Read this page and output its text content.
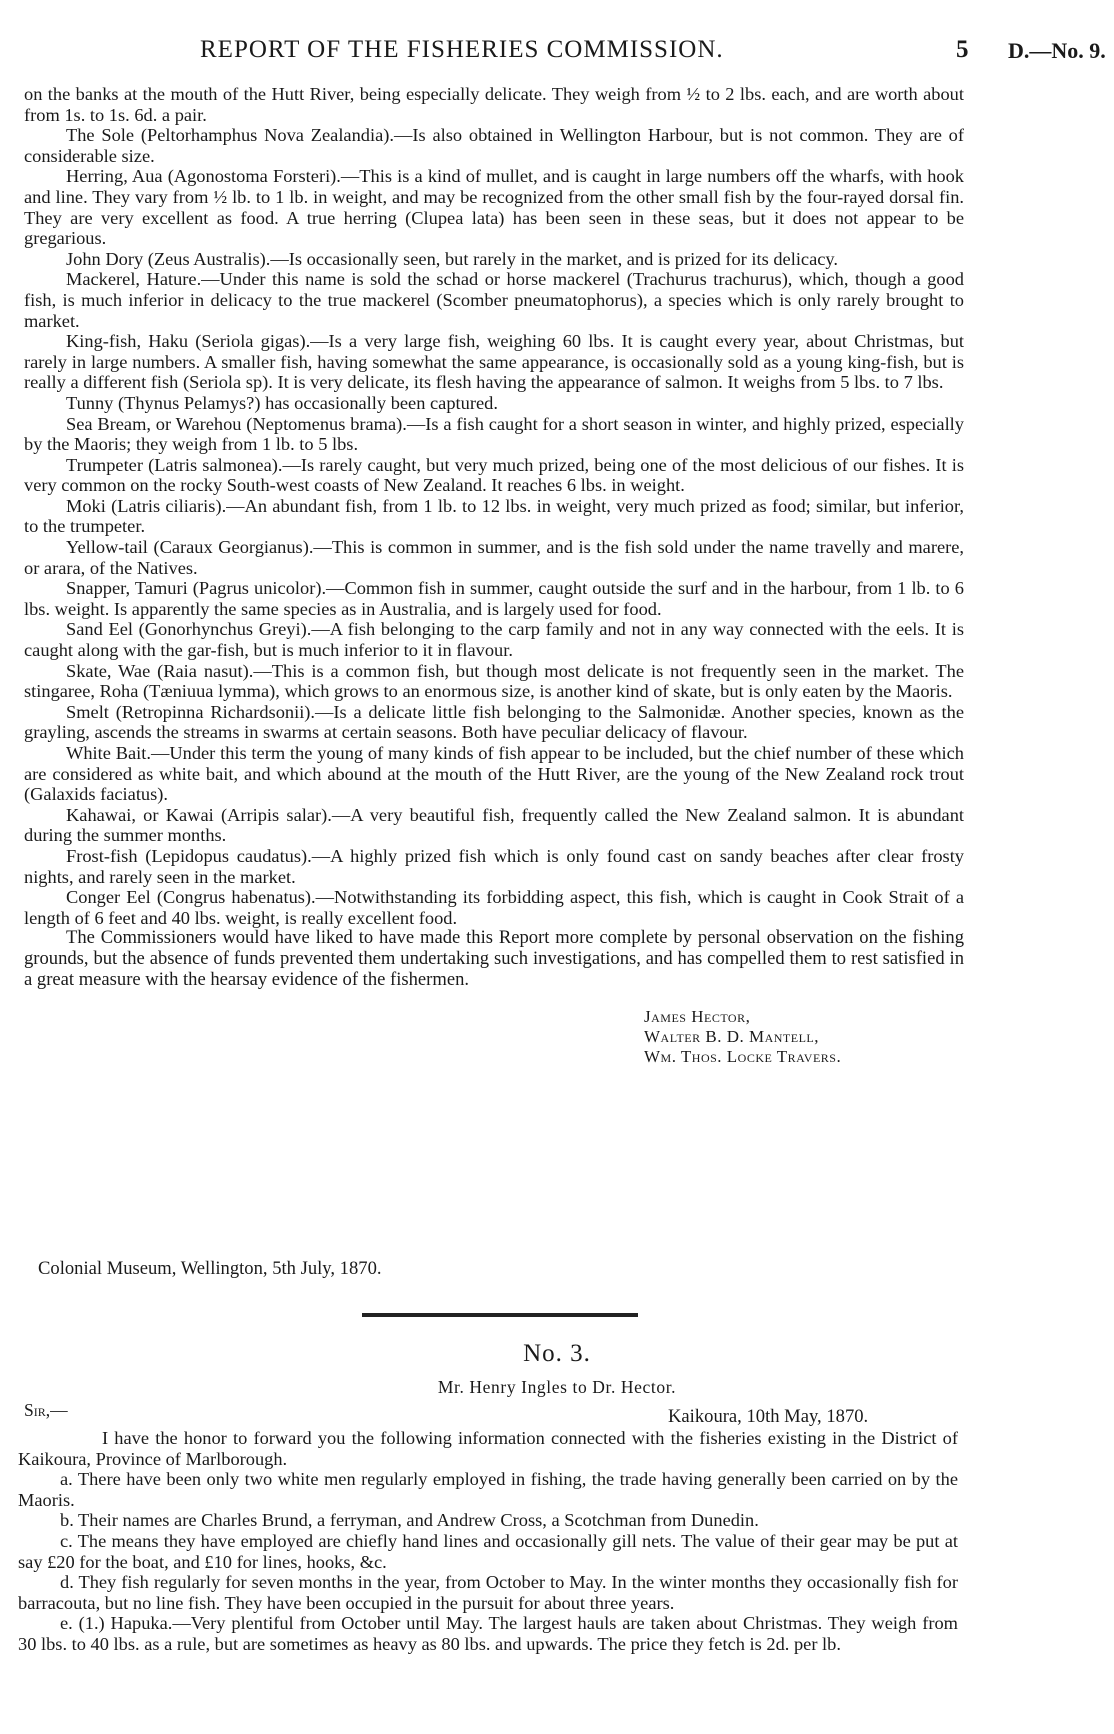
REPORT OF THE FISHERIES COMMISSION.	5 D.—No. 9.

on the banks at the mouth of the Hutt River, being especially delicate. They weigh from ½ to 2 lbs. each, and are worth about from 1s. to 1s. 6d. a pair.

The Sole (Peltorhamphus Nova Zealandia).—Is also obtained in Wellington Harbour, but is not common. They are of considerable size.

Herring, Aua (Agonostoma Forsteri).—This is a kind of mullet, and is caught in large numbers off the wharfs, with hook and line. They vary from ½ lb. to 1 lb. in weight, and may be recognized from the other small fish by the four-rayed dorsal fin. They are very excellent as food. A true herring (Clupea lata) has been seen in these seas, but it does not appear to be gregarious.

John Dory (Zeus Australis).—Is occasionally seen, but rarely in the market, and is prized for its delicacy.

Mackerel, Hature.—Under this name is sold the schad or horse mackerel (Trachurus trachurus), which, though a good fish, is much inferior in delicacy to the true mackerel (Scomber pneumatophorus), a species which is only rarely brought to market.

King-fish, Haku (Seriola gigas).—Is a very large fish, weighing 60 lbs. It is caught every year, about Christmas, but rarely in large numbers. A smaller fish, having somewhat the same appearance, is occasionally sold as a young king-fish, but is really a different fish (Seriola sp). It is very delicate, its flesh having the appearance of salmon. It weighs from 5 lbs. to 7 lbs.

Tunny (Thynus Pelamys?) has occasionally been captured.

Sea Bream, or Warehou (Neptomenus brama).—Is a fish caught for a short season in winter, and highly prized, especially by the Maoris; they weigh from 1 lb. to 5 lbs.

Trumpeter (Latris salmonea).—Is rarely caught, but very much prized, being one of the most delicious of our fishes. It is very common on the rocky South-west coasts of New Zealand. It reaches 6 lbs. in weight.

Moki (Latris ciliaris).—An abundant fish, from 1 lb. to 12 lbs. in weight, very much prized as food; similar, but inferior, to the trumpeter.

Yellow-tail (Caraux Georgianus).—This is common in summer, and is the fish sold under the name travelly and marere, or arara, of the Natives.

Snapper, Tamuri (Pagrus unicolor).—Common fish in summer, caught outside the surf and in the harbour, from 1 lb. to 6 lbs. weight. Is apparently the same species as in Australia, and is largely used for food.

Sand Eel (Gonorhynchus Greyi).—A fish belonging to the carp family and not in any way connected with the eels. It is caught along with the gar-fish, but is much inferior to it in flavour.

Skate, Wae (Raia nasut).—This is a common fish, but though most delicate is not frequently seen in the market. The stingaree, Roha (Tæniuua lymma), which grows to an enormous size, is another kind of skate, but is only eaten by the Maoris.

Smelt (Retropinna Richardsonii).—Is a delicate little fish belonging to the Salmonidæ. Another species, known as the grayling, ascends the streams in swarms at certain seasons. Both have peculiar delicacy of flavour.

White Bait.—Under this term the young of many kinds of fish appear to be included, but the chief number of these which are considered as white bait, and which abound at the mouth of the Hutt River, are the young of the New Zealand rock trout (Galaxids faciatus).

Kahawai, or Kawai (Arripis salar).—A very beautiful fish, frequently called the New Zealand salmon. It is abundant during the summer months.

Frost-fish (Lepidopus caudatus).—A highly prized fish which is only found cast on sandy beaches after clear frosty nights, and rarely seen in the market.

Conger Eel (Congrus habenatus).—Notwithstanding its forbidding aspect, this fish, which is caught in Cook Strait of a length of 6 feet and 40 lbs. weight, is really excellent food.

The Commissioners would have liked to have made this Report more complete by personal observation on the fishing grounds, but the absence of funds prevented them undertaking such investigations, and has compelled them to rest satisfied in a great measure with the hearsay evidence of the fishermen.

James Hector,
Walter B. D. Mantell,
Wm. Thos. Locke Travers.
Colonial Museum, Wellington, 5th July, 1870.
No. 3.
Mr. Henry Ingles to Dr. Hector.
Sir,—	Kaikoura, 10th May, 1870.

I have the honor to forward you the following information connected with the fisheries existing in the District of Kaikoura, Province of Marlborough.

a. There have been only two white men regularly employed in fishing, the trade having generally been carried on by the Maoris.

b. Their names are Charles Brund, a ferryman, and Andrew Cross, a Scotchman from Dunedin.

c. The means they have employed are chiefly hand lines and occasionally gill nets. The value of their gear may be put at say £20 for the boat, and £10 for lines, hooks, &c.

d. They fish regularly for seven months in the year, from October to May. In the winter months they occasionally fish for barracouta, but no line fish. They have been occupied in the pursuit for about three years.

e. (1.) Hapuka.—Very plentiful from October until May. The largest hauls are taken about Christmas. They weigh from 30 lbs. to 40 lbs. as a rule, but are sometimes as heavy as 80 lbs. and upwards. The price they fetch is 2d. per lb.
